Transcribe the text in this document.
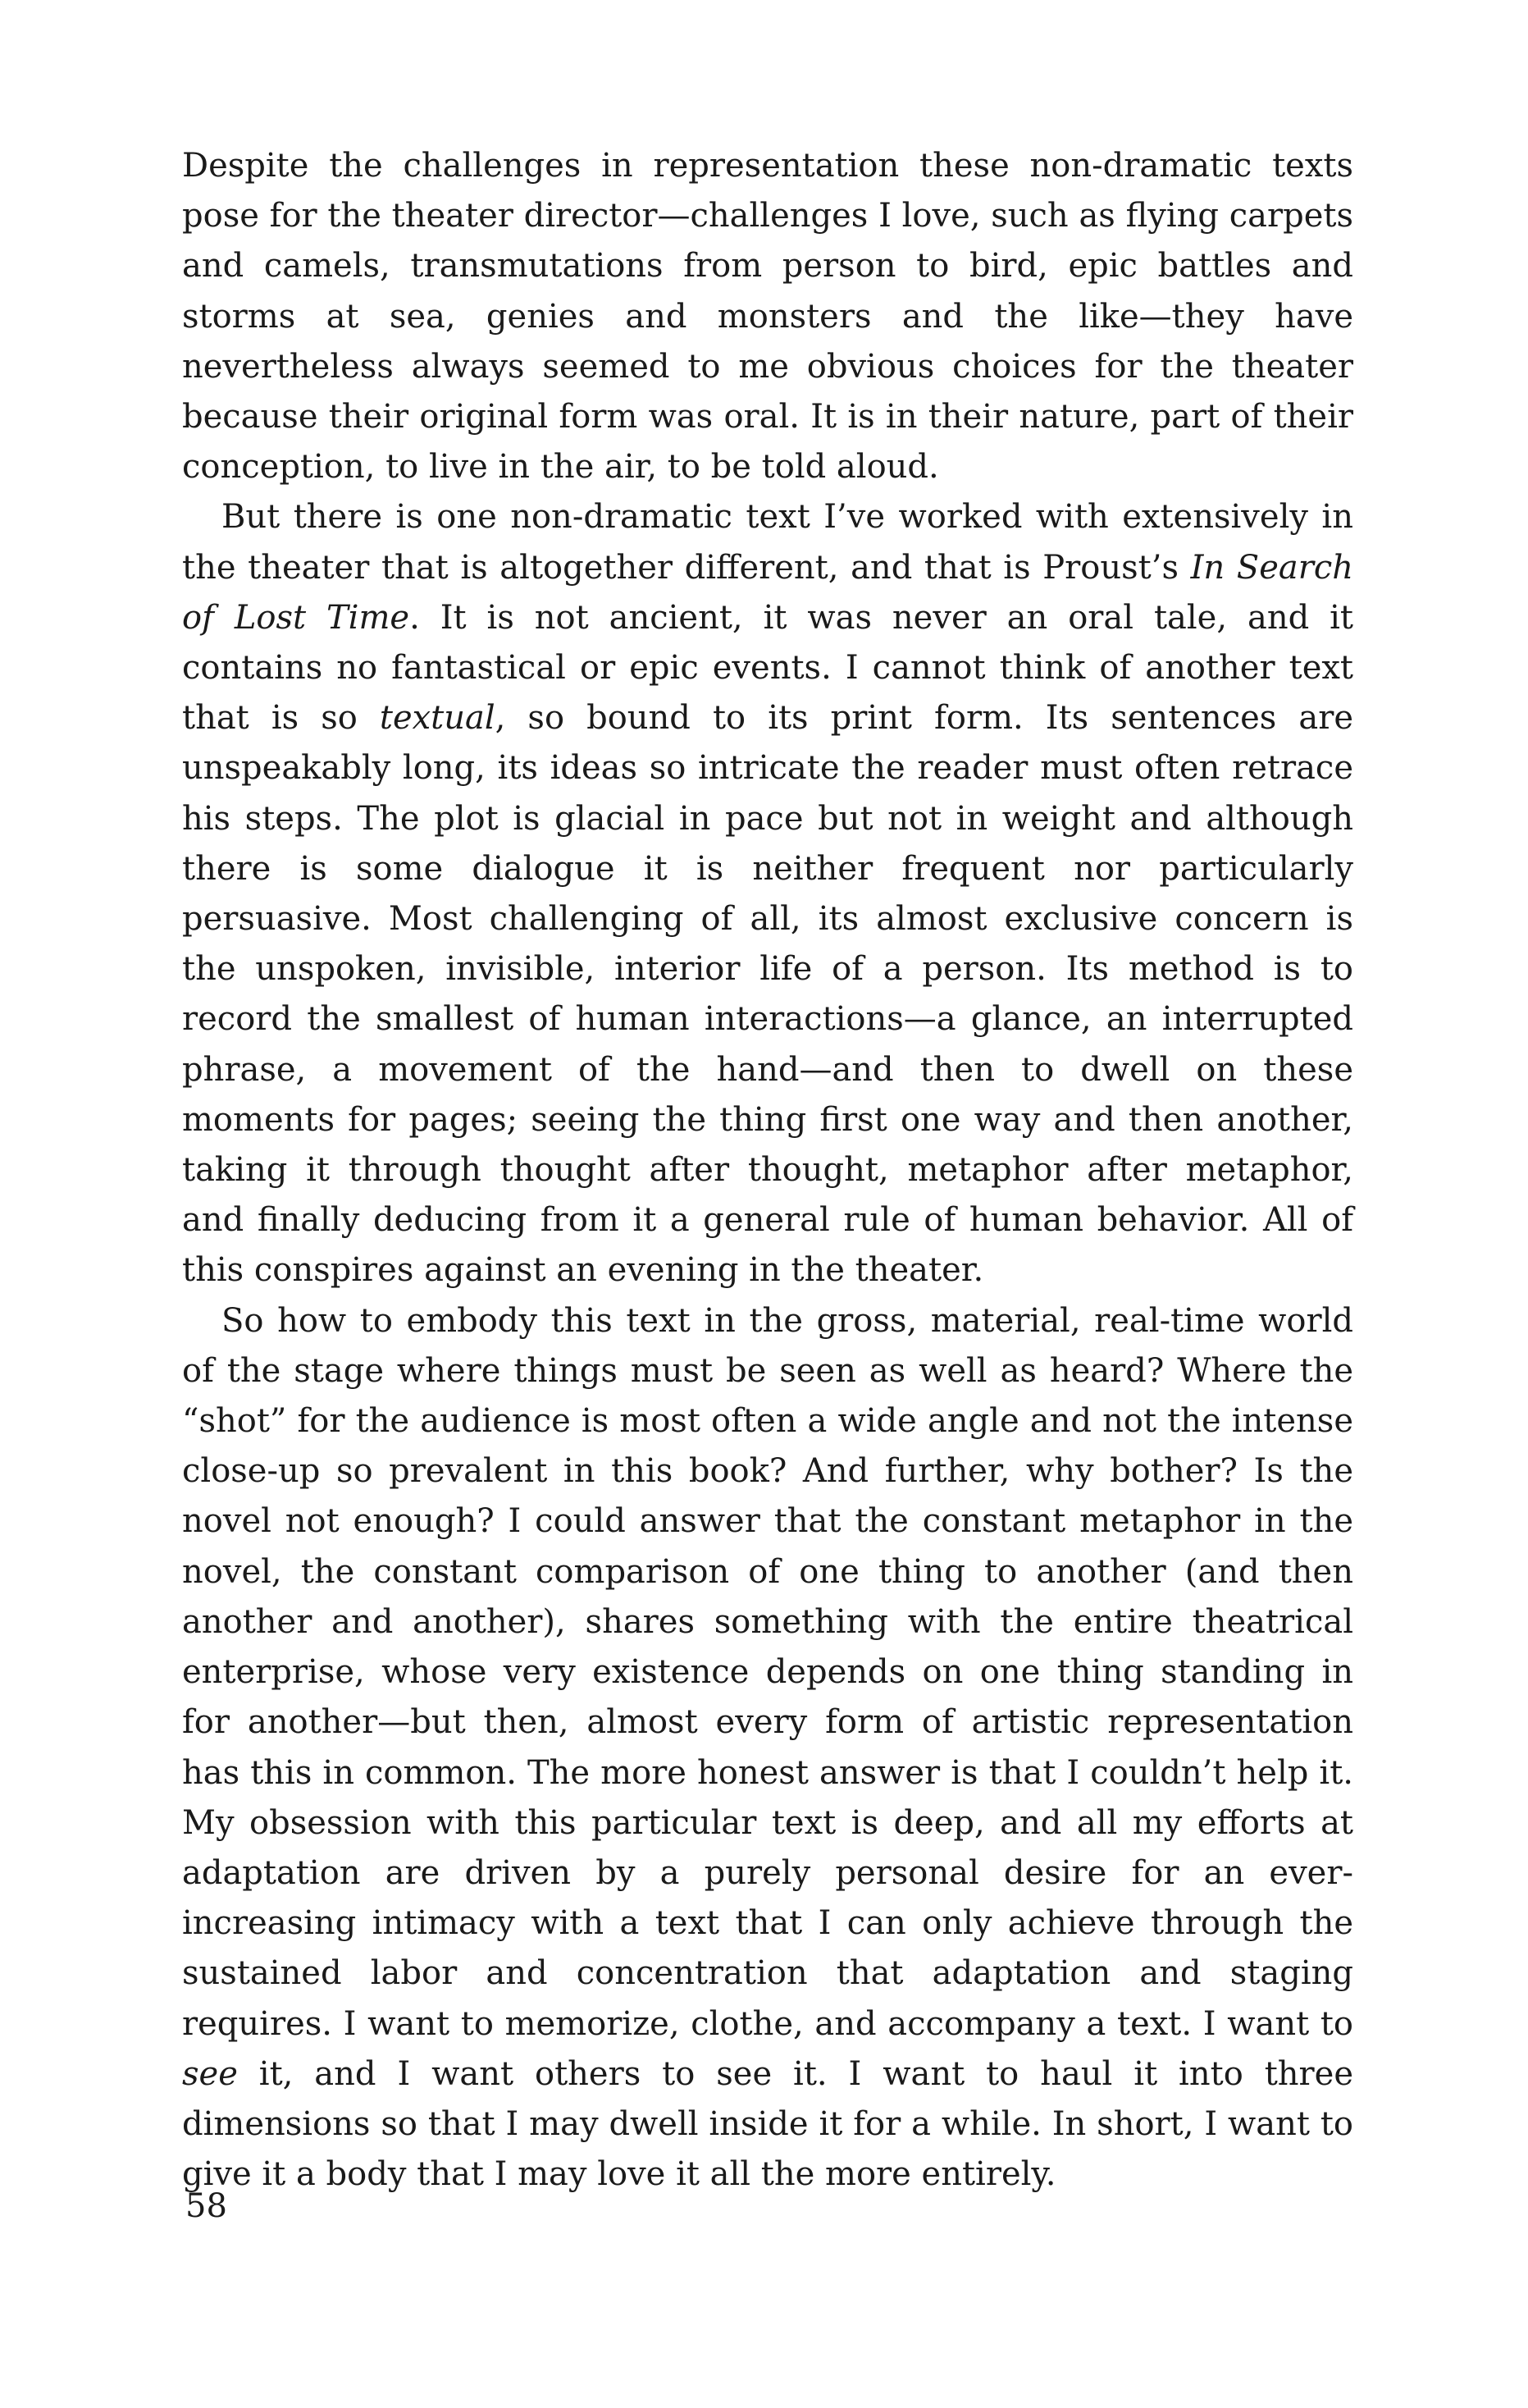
Despite the challenges in representation these non-dramatic texts pose for the theater director—challenges I love, such as flying carpets and camels, transmutations from person to bird, epic battles and storms at sea, genies and monsters and the like—they have nevertheless always seemed to me obvious choices for the theater because their original form was oral. It is in their nature, part of their conception, to live in the air, to be told aloud.

But there is one non-dramatic text I’ve worked with extensively in the theater that is altogether different, and that is Proust’s In Search of Lost Time. It is not ancient, it was never an oral tale, and it contains no fantastical or epic events. I cannot think of another text that is so textual, so bound to its print form. Its sentences are unspeakably long, its ideas so intricate the reader must often retrace his steps. The plot is glacial in pace but not in weight and although there is some dialogue it is neither frequent nor particularly persuasive. Most challenging of all, its almost exclusive concern is the unspoken, invisible, interior life of a person. Its method is to record the smallest of human interactions—a glance, an interrupted phrase, a movement of the hand—and then to dwell on these moments for pages; seeing the thing first one way and then another, taking it through thought after thought, metaphor after metaphor, and finally deducing from it a general rule of human behavior. All of this conspires against an evening in the theater.

So how to embody this text in the gross, material, real-time world of the stage where things must be seen as well as heard? Where the “shot” for the audience is most often a wide angle and not the intense close-up so prevalent in this book? And further, why bother? Is the novel not enough? I could answer that the constant metaphor in the novel, the constant comparison of one thing to another (and then another and another), shares something with the entire theatrical enterprise, whose very existence depends on one thing standing in for another—but then, almost every form of artistic representation has this in common. The more honest answer is that I couldn’t help it. My obsession with this particular text is deep, and all my efforts at adaptation are driven by a purely personal desire for an ever-increasing intimacy with a text that I can only achieve through the sustained labor and concentration that adaptation and staging requires. I want to memorize, clothe, and accompany a text. I want to see it, and I want others to see it. I want to haul it into three dimensions so that I may dwell inside it for a while. In short, I want to give it a body that I may love it all the more entirely.

58
